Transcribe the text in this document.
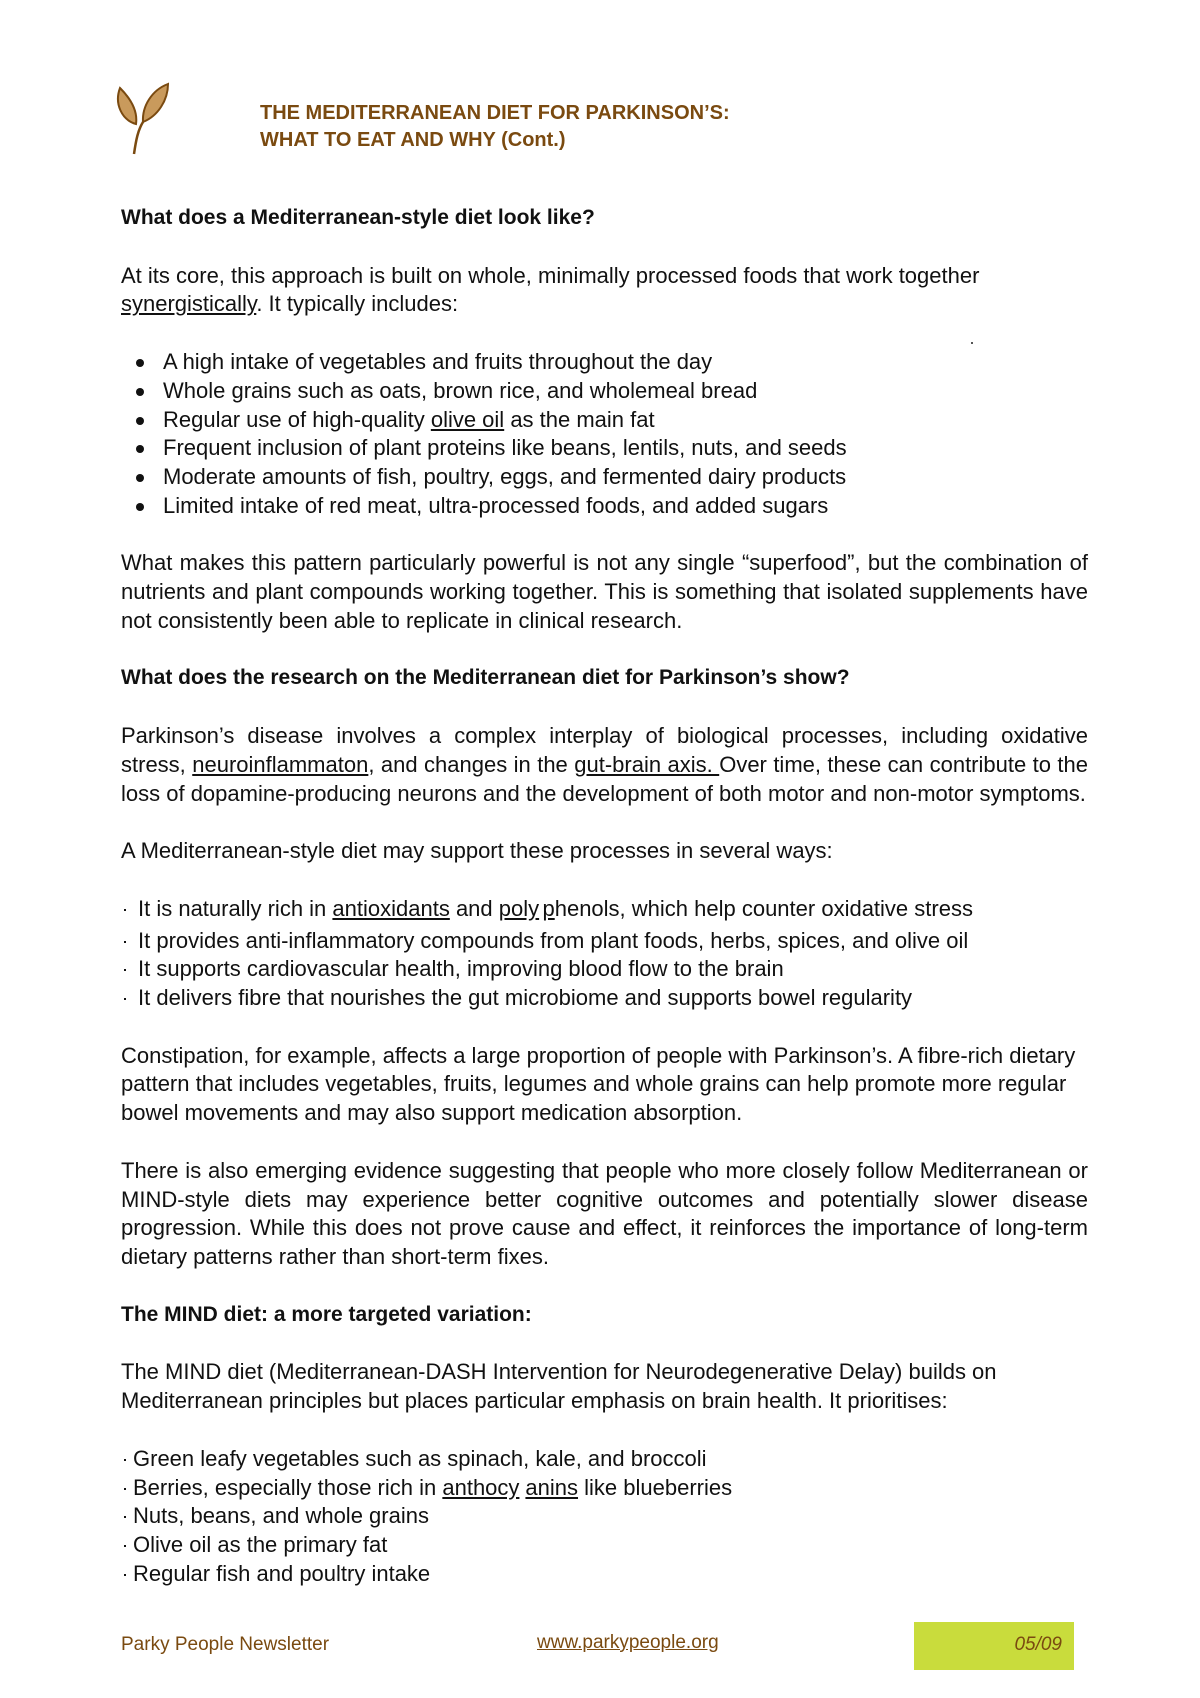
THE MEDITERRANEAN DIET FOR PARKINSON’S:
WHAT TO EAT AND WHY (Cont.)

What does a Mediterranean-style diet look like?

At its core, this approach is built on whole, minimally processed foods that work together synergistically. It typically includes:

A high intake of vegetables and fruits throughout the day
Whole grains such as oats, brown rice, and wholemeal bread
Regular use of high-quality olive oil as the main fat
Frequent inclusion of plant proteins like beans, lentils, nuts, and seeds
Moderate amounts of fish, poultry, eggs, and fermented dairy products
Limited intake of red meat, ultra-processed foods, and added sugars

What makes this pattern particularly powerful is not any single “superfood”, but the combination of nutrients and plant compounds working together. This is something that isolated supplements have not consistently been able to replicate in clinical research.

What does the research on the Mediterranean diet for Parkinson’s show?

Parkinson’s disease involves a complex interplay of biological processes, including oxidative stress, neuroinflammaton, and changes in the gut-brain axis. Over time, these can contribute to the loss of dopamine-producing neurons and the development of both motor and non-motor symptoms.

A Mediterranean-style diet may support these processes in several ways:

It is naturally rich in antioxidants and poly phenols, which help counter oxidative stress
It provides anti-inflammatory compounds from plant foods, herbs, spices, and olive oil
It supports cardiovascular health, improving blood flow to the brain
It delivers fibre that nourishes the gut microbiome and supports bowel regularity

Constipation, for example, affects a large proportion of people with Parkinson’s. A fibre-rich dietary pattern that includes vegetables, fruits, legumes and whole grains can help promote more regular bowel movements and may also support medication absorption.

There is also emerging evidence suggesting that people who more closely follow Mediterranean or MIND-style diets may experience better cognitive outcomes and potentially slower disease progression. While this does not prove cause and effect, it reinforces the importance of long-term dietary patterns rather than short-term fixes.

The MIND diet: a more targeted variation:

The MIND diet (Mediterranean-DASH Intervention for Neurodegenerative Delay) builds on Mediterranean principles but places particular emphasis on brain health. It prioritises:

Green leafy vegetables such as spinach, kale, and broccoli
Berries, especially those rich in anthocy anins like blueberries
Nuts, beans, and whole grains
Olive oil as the primary fat
Regular fish and poultry intake
Parky People Newsletter	www.parkypeople.org	05/09
